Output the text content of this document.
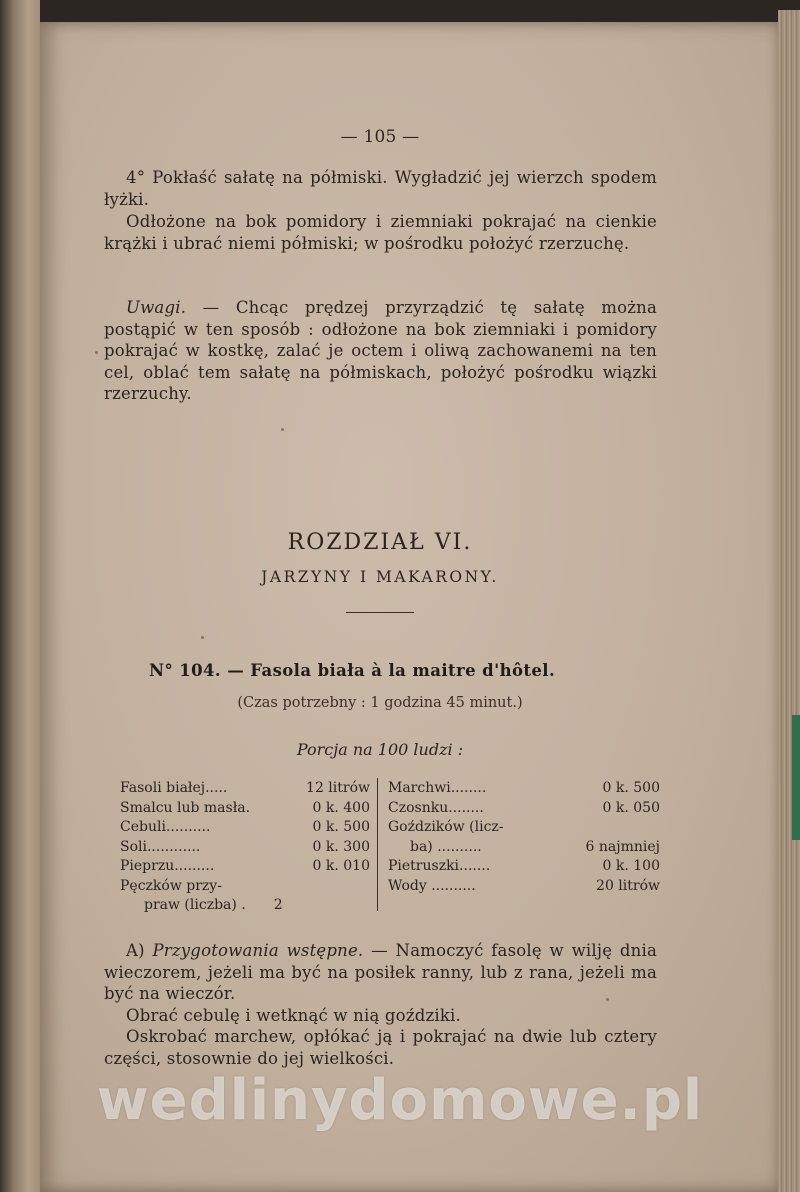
— 105 —
4° Pokłaść sałatę na półmiski. Wygładzić jej wierzch spodem łyżki.
Odłożone na bok pomidory i ziemniaki pokrajać na cienkie krążki i ubrać niemi półmiski; w pośrodku położyć rzerzuchę.
Uwagi. — Chcąc prędzej przyrządzić tę sałatę można postąpić w ten sposób : odłożone na bok ziemniaki i pomidory pokrajać w kostkę, zalać je octem i oliwą zachowanemi na ten cel, oblać tem sałatę na półmiskach, położyć pośrodku wiązki rzerzuchy.
ROZDZIAŁ VI.
JARZYNY I MAKARONY.
N° 104. — Fasola biała à la maitre d'hôtel.
(Czas potrzebny : 1 godzina 45 minut.)
Porcja na 100 ludzi :
Fasoli białej.....	12 litrów
Smalcu lub masła.	0 k. 400
Cebuli..........	0 k. 500
Soli............	0 k. 300
Pieprzu.........	0 k. 010
Pęczków przy-
praw (liczba) . 2
Marchwi........	0 k. 500
Czosnku........	0 k. 050
Goździków (licz-
ba) ..........	6 najmniej
Pietruszki.......	0 k. 100
Wody ..........	20 litrów
A) Przygotowania wstępne. — Namoczyć fasolę w wilję dnia wieczorem, jeżeli ma być na posiłek ranny, lub z rana, jeżeli ma być na wieczór.
Obrać cebulę i wetknąć w nią goździki.
Oskrobać marchew, opłókać ją i pokrajać na dwie lub cztery części, stosownie do jej wielkości.
wedlinydomowe.pl
